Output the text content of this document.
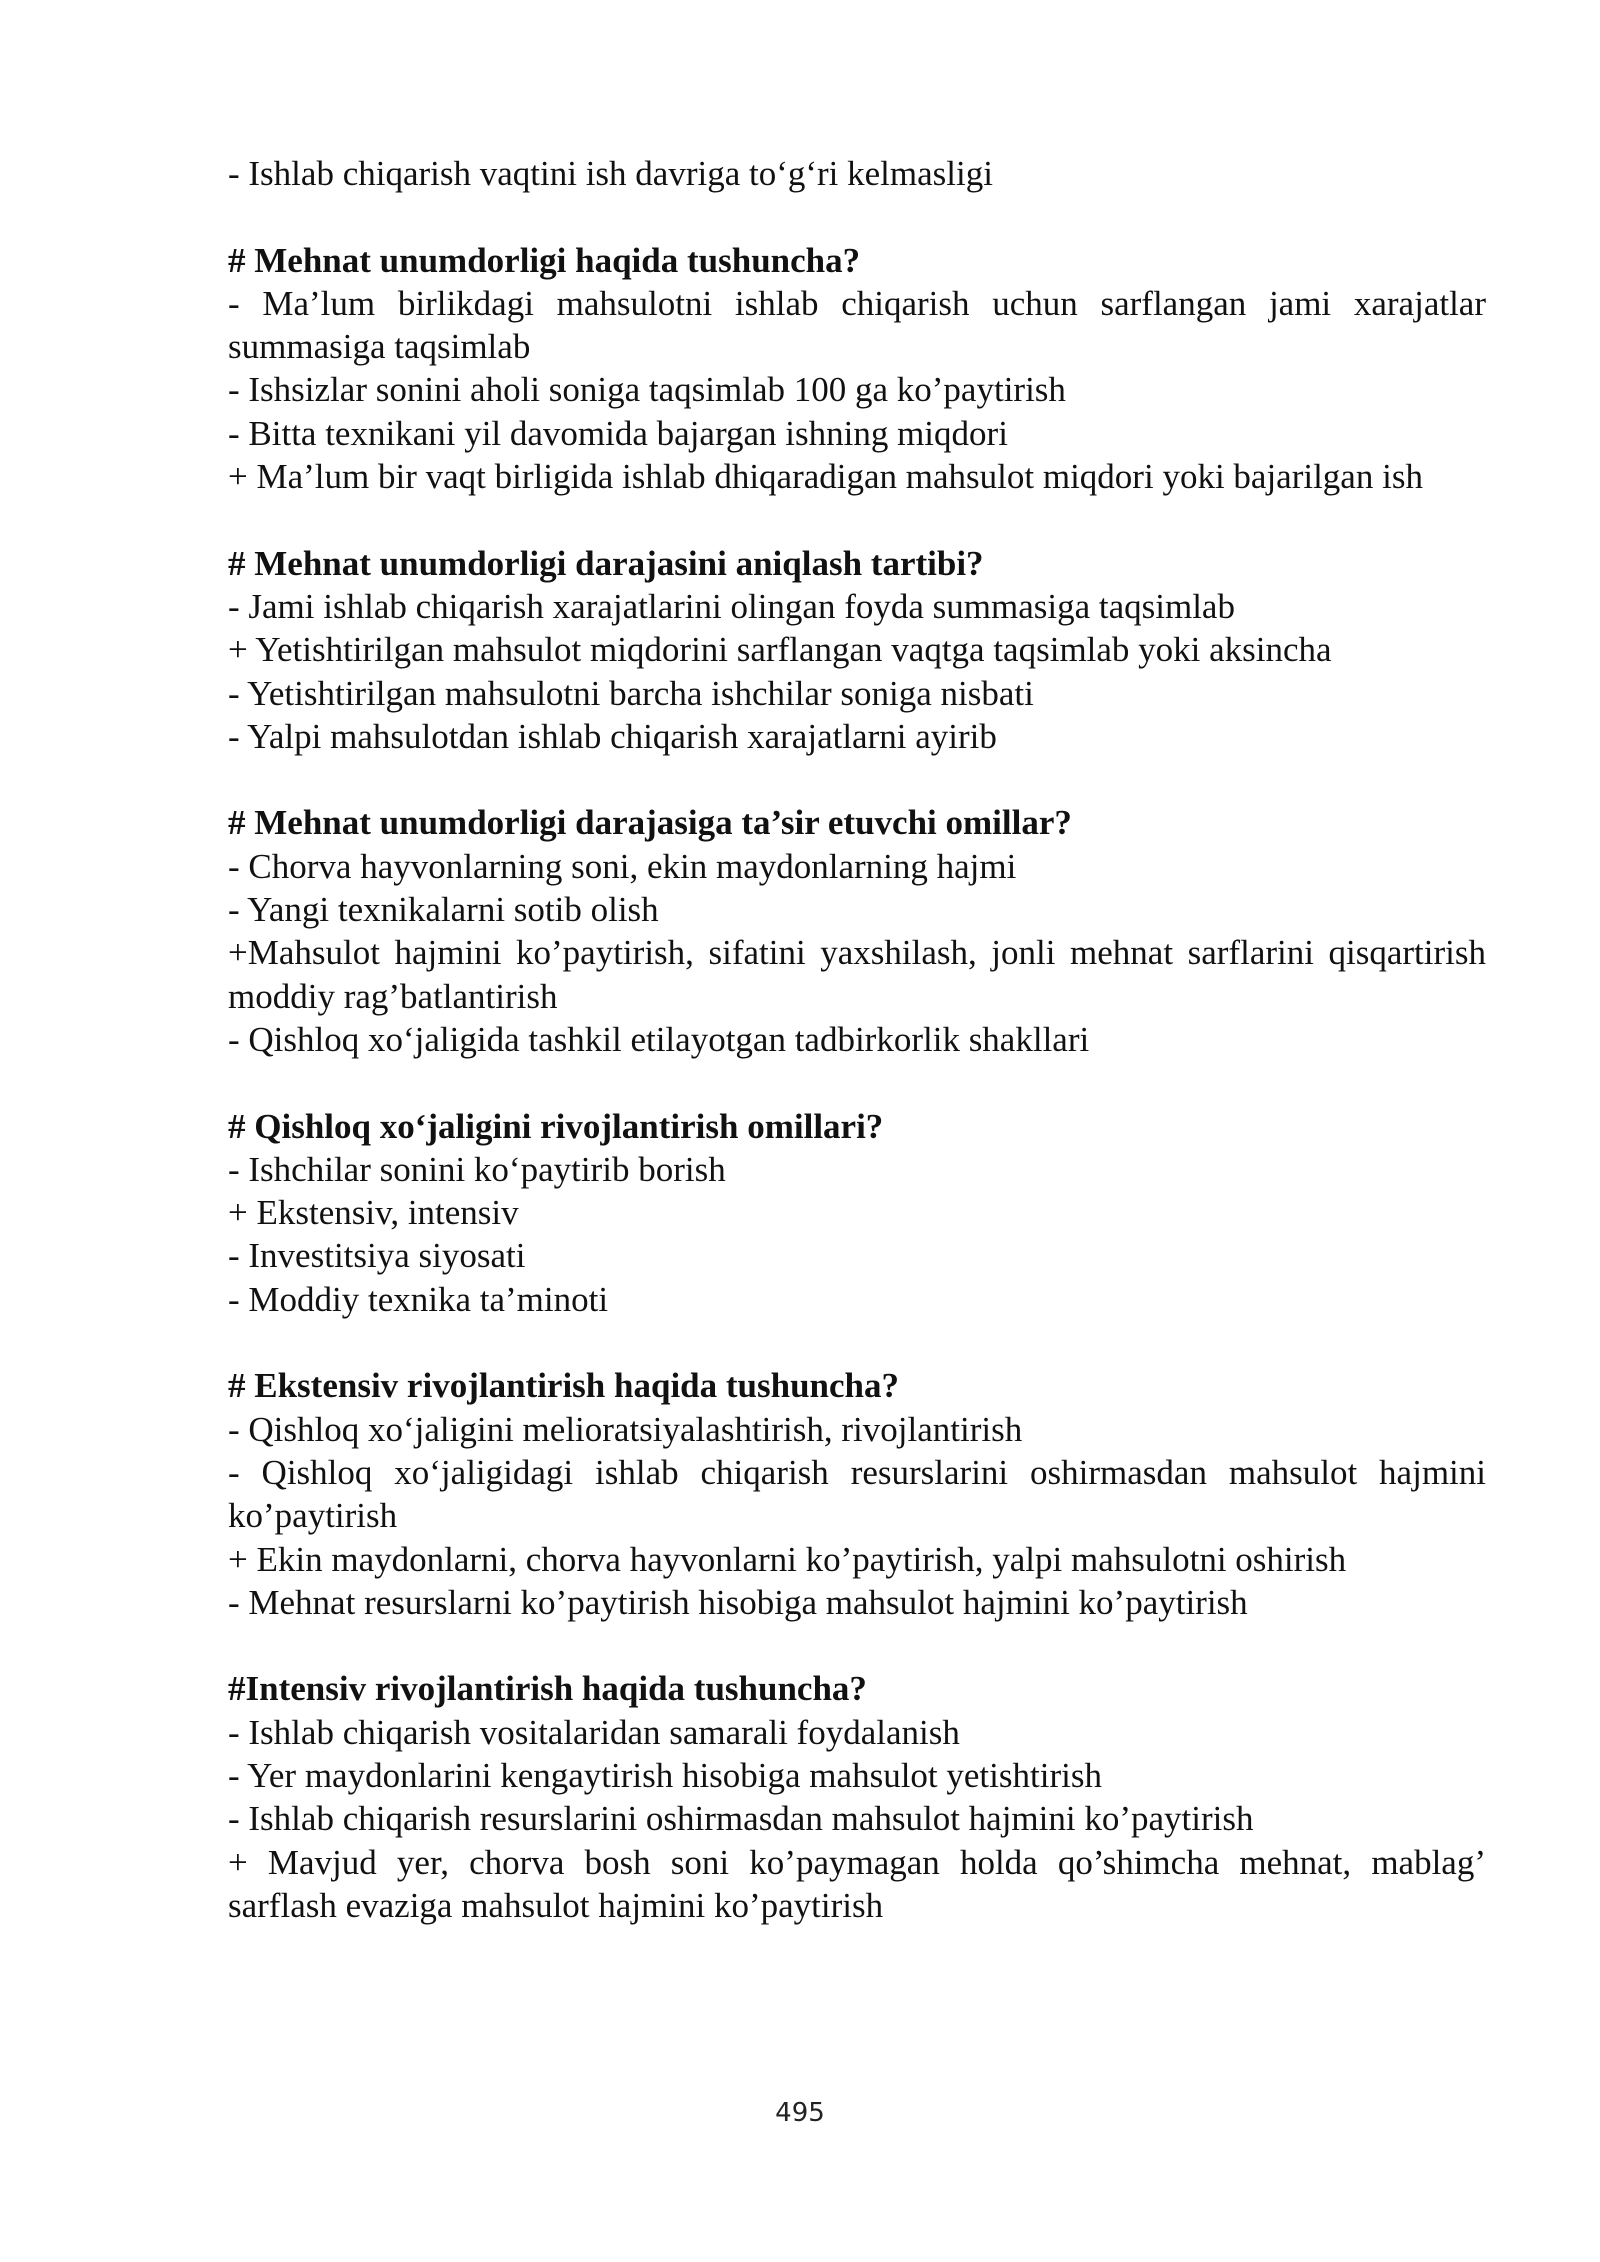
- Ishlab chiqarish vaqtini ish davriga to‘g‘ri kelmasligi

# Mehnat unumdorligi haqida tushuncha?

- Ma’lum birlikdagi mahsulotni ishlab chiqarish uchun sarflangan jami xarajatlar summasiga taqsimlab

- Ishsizlar sonini aholi soniga taqsimlab 100 ga ko’paytirish

- Bitta texnikani yil davomida bajargan ishning miqdori

+ Ma’lum bir vaqt birligida ishlab dhiqaradigan mahsulot miqdori yoki bajarilgan ish

# Mehnat unumdorligi darajasini aniqlash tartibi?

- Jami ishlab chiqarish xarajatlarini olingan foyda summasiga taqsimlab

+ Yetishtirilgan mahsulot miqdorini sarflangan vaqtga taqsimlab yoki aksincha

- Yetishtirilgan mahsulotni barcha ishchilar soniga nisbati

- Yalpi mahsulotdan ishlab chiqarish xarajatlarni ayirib

# Mehnat unumdorligi darajasiga ta’sir etuvchi omillar?

- Chorva hayvonlarning soni, ekin maydonlarning hajmi

- Yangi texnikalarni sotib olish

+Mahsulot hajmini ko’paytirish, sifatini yaxshilash, jonli mehnat sarflarini qisqartirish moddiy rag’batlantirish

- Qishloq xo‘jaligida tashkil etilayotgan tadbirkorlik shakllari

# Qishloq xo‘jaligini rivojlantirish omillari?

- Ishchilar sonini ko‘paytirib borish

+ Ekstensiv, intensiv

- Investitsiya siyosati

- Moddiy texnika ta’minoti

# Ekstensiv rivojlantirish haqida tushuncha?

- Qishloq xo‘jaligini melioratsiyalashtirish, rivojlantirish

- Qishloq xo‘jaligidagi ishlab chiqarish resurslarini oshirmasdan mahsulot hajmini ko’paytirish

+ Ekin maydonlarni, chorva hayvonlarni ko’paytirish, yalpi mahsulotni oshirish

- Mehnat resurslarni ko’paytirish hisobiga mahsulot hajmini ko’paytirish

#Intensiv rivojlantirish haqida tushuncha?

- Ishlab chiqarish vositalaridan samarali foydalanish

- Yer maydonlarini kengaytirish hisobiga mahsulot yetishtirish

- Ishlab chiqarish resurslarini oshirmasdan mahsulot hajmini ko’paytirish

+ Mavjud yer, chorva bosh soni ko’paymagan holda qo’shimcha mehnat, mablag’ sarflash evaziga mahsulot hajmini ko’paytirish

495
